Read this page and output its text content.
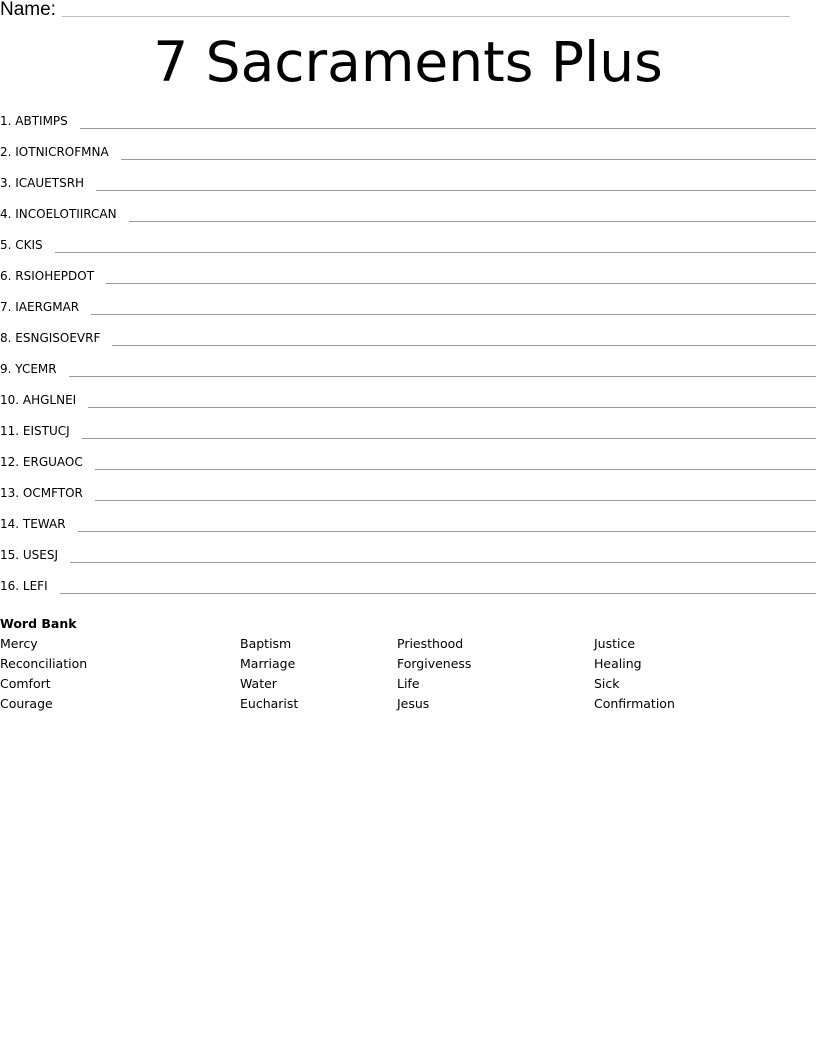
Name:
7 Sacraments Plus
1. ABTIMPS
2. IOTNICROFMNA
3. ICAUETSRH
4. INCOELOTIIRCAN
5. CKIS
6. RSIOHEPDOT
7. IAERGMAR
8. ESNGISOEVRF
9. YCEMR
10. AHGLNEI
11. EISTUCJ
12. ERGUAOC
13. OCMFTOR
14. TEWAR
15. USESJ
16. LEFI
Word Bank
Mercy
Reconciliation
Comfort
Courage
Baptism
Marriage
Water
Eucharist
Priesthood
Forgiveness
Life
Jesus
Justice
Healing
Sick
Confirmation
